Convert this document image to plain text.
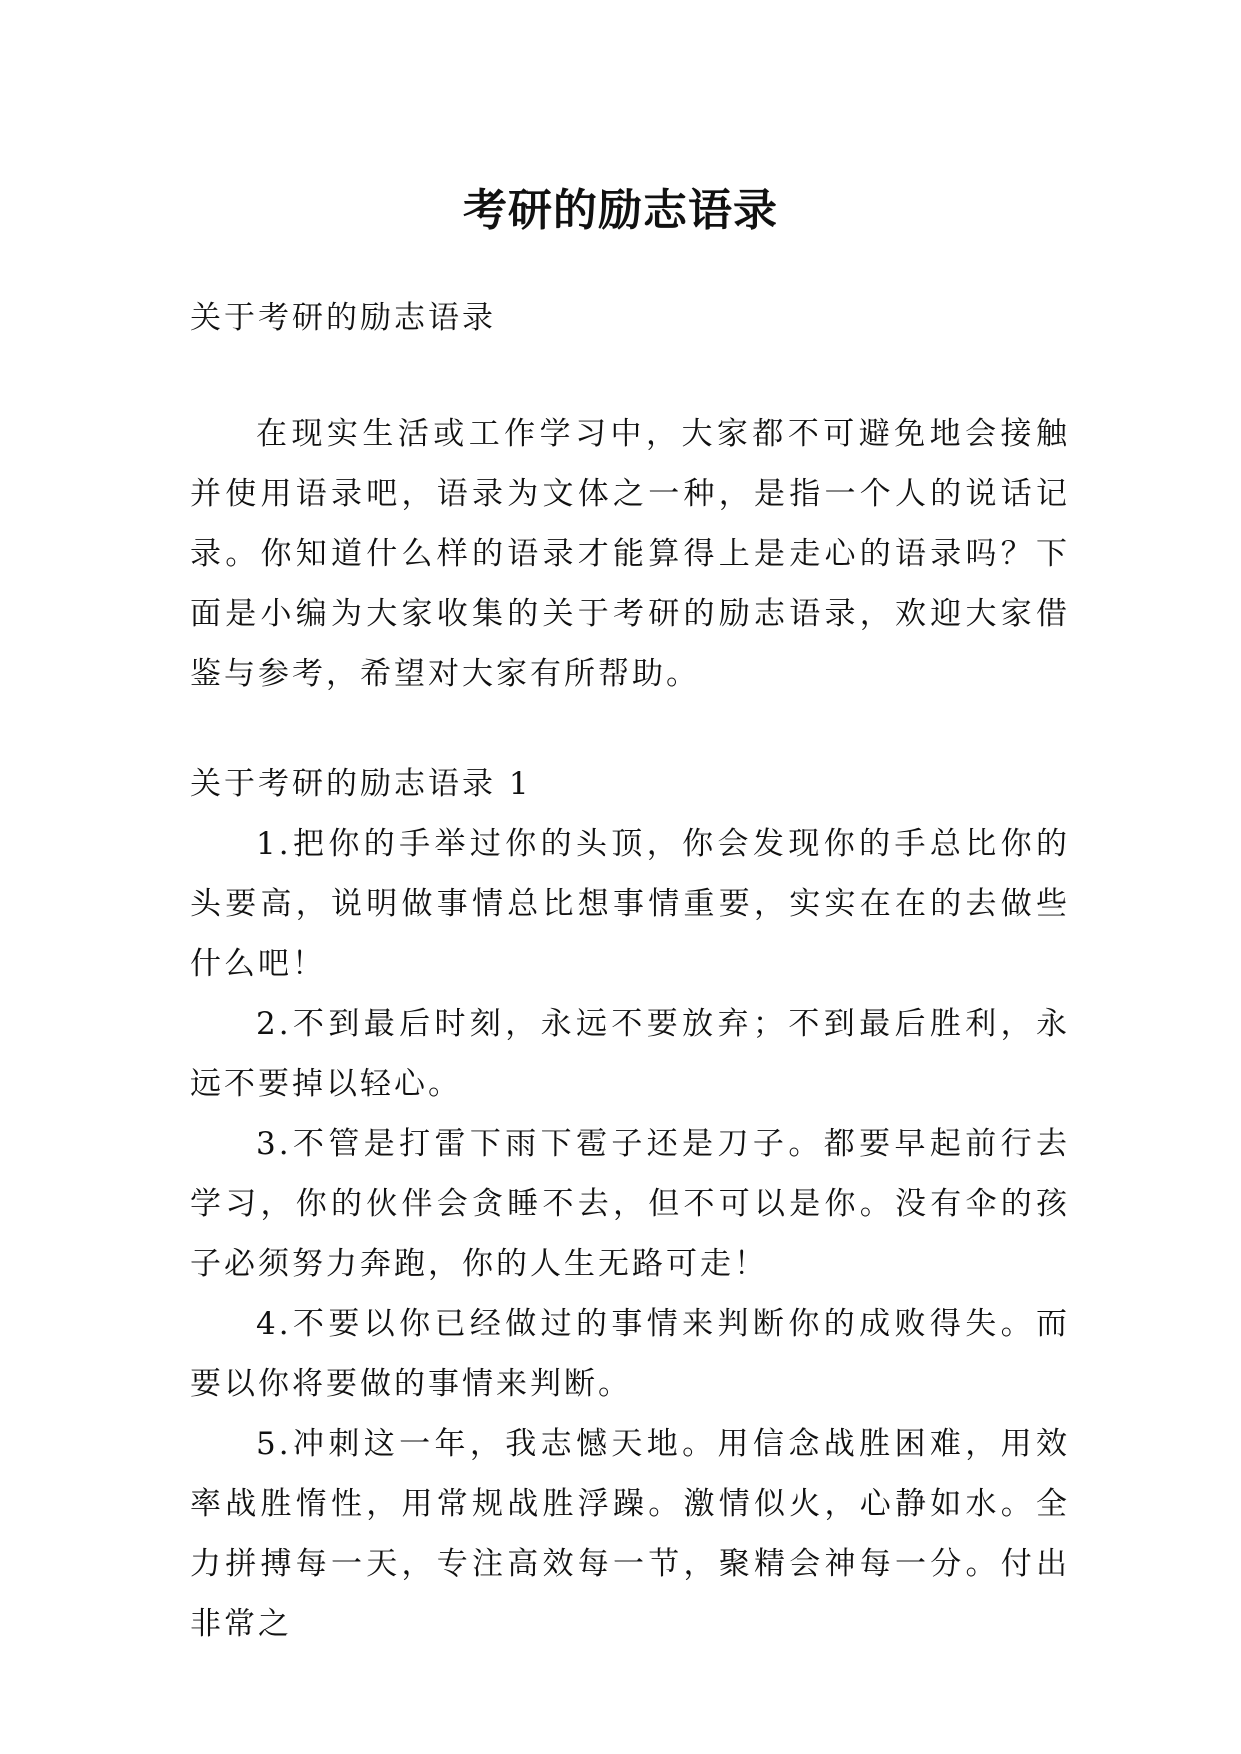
考研的励志语录

关于考研的励志语录

在现实生活或工作学习中，大家都不可避免地会接触并使用语录吧，语录为文体之一种，是指一个人的说话记录。你知道什么样的语录才能算得上是走心的语录吗？下面是小编为大家收集的关于考研的励志语录，欢迎大家借鉴与参考，希望对大家有所帮助。

关于考研的励志语录 1

1.把你的手举过你的头顶，你会发现你的手总比你的头要高，说明做事情总比想事情重要，实实在在的去做些什么吧！

2.不到最后时刻，永远不要放弃；不到最后胜利，永远不要掉以轻心。

3.不管是打雷下雨下雹子还是刀子。都要早起前行去学习，你的伙伴会贪睡不去，但不可以是你。没有伞的孩子必须努力奔跑，你的人生无路可走！

4.不要以你已经做过的事情来判断你的成败得失。而要以你将要做的事情来判断。

5.冲刺这一年，我志憾天地。用信念战胜困难，用效率战胜惰性，用常规战胜浮躁。激情似火，心静如水。全力拼搏每一天，专注高效每一节，聚精会神每一分。付出非常之
